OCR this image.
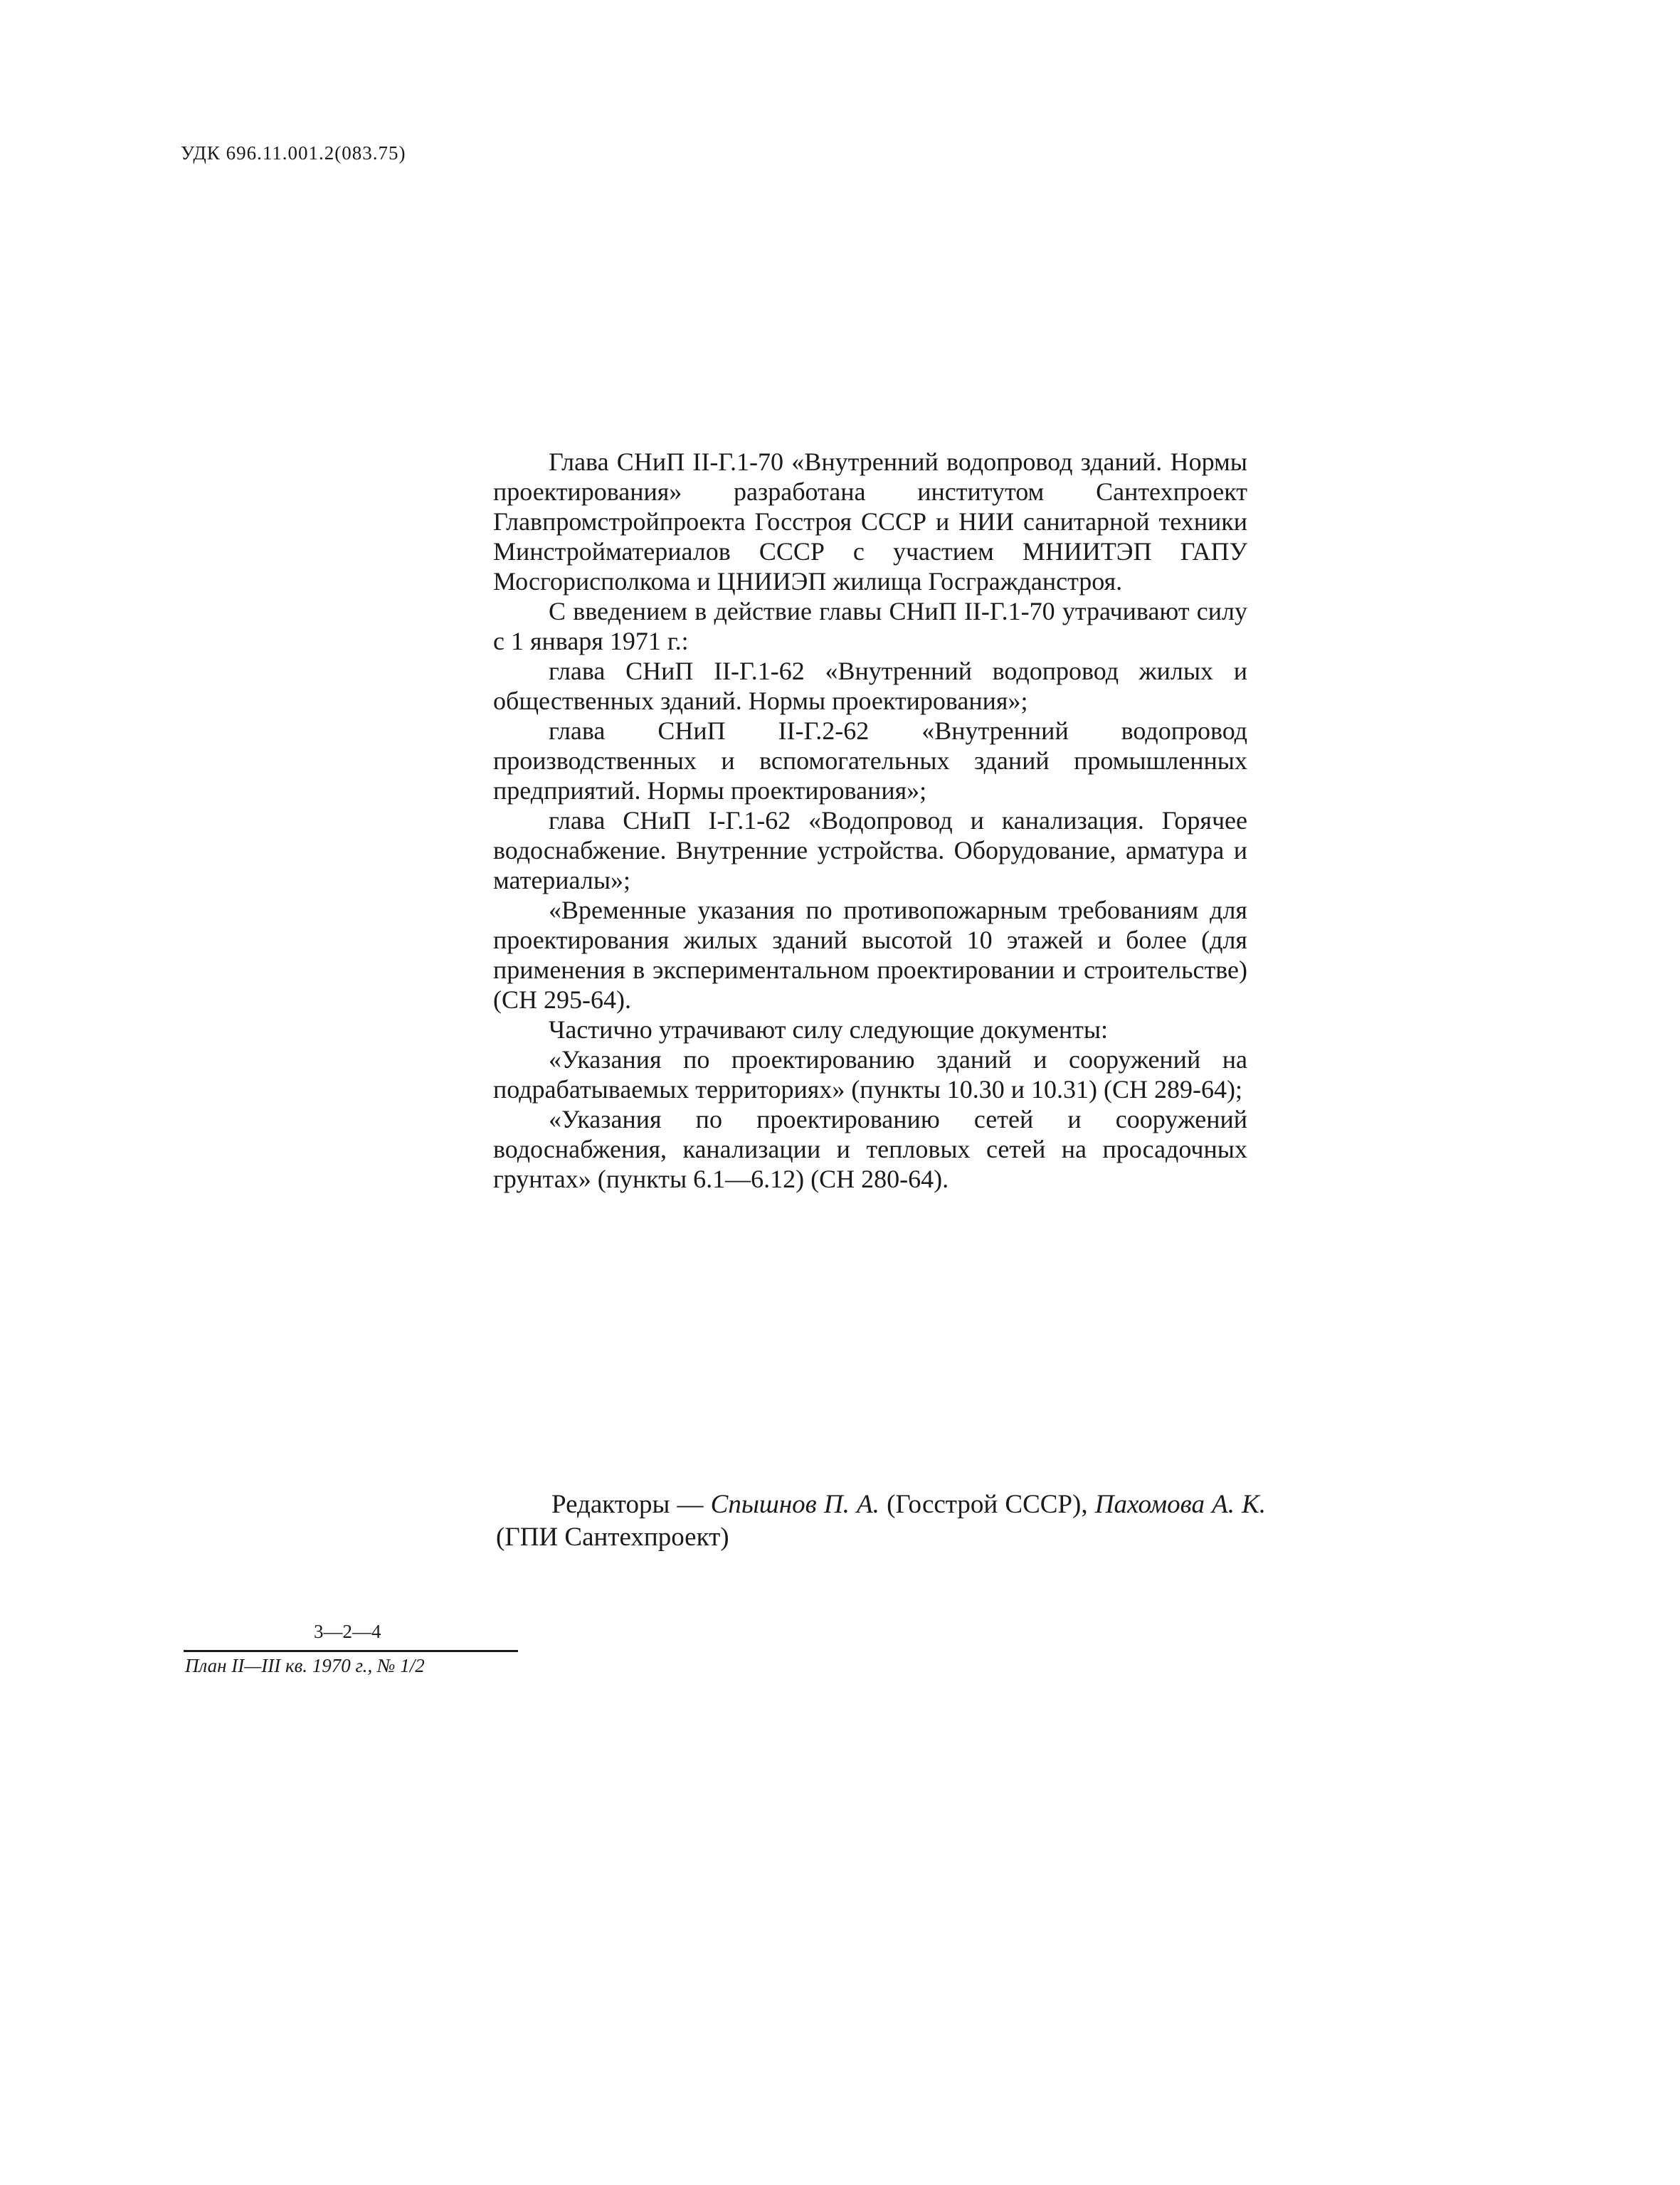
УДК 696.11.001.2(083.75)

Глава СНиП II-Г.1-70 «Внутренний водопровод зданий. Нормы проектирования» разработана институтом Сантехпроект Главпромстройпроекта Госстроя СССР и НИИ санитарной техники Минстройматериалов СССР с участием МНИИТЭП ГАПУ Мосгорисполкома и ЦНИИЭП жилища Госгражданстроя.

С введением в действие главы СНиП II-Г.1-70 утрачивают силу с 1 января 1971 г.:

глава СНиП II-Г.1-62 «Внутренний водопровод жилых и общественных зданий. Нормы проектирования»;

глава СНиП II-Г.2-62 «Внутренний водопровод производственных и вспомогательных зданий промышленных предприятий. Нормы проектирования»;

глава СНиП I-Г.1-62 «Водопровод и канализация. Горячее водоснабжение. Внутренние устройства. Оборудование, арматура и материалы»;

«Временные указания по противопожарным требованиям для проектирования жилых зданий высотой 10 этажей и более (для применения в экспериментальном проектировании и строительстве) (СН 295-64).

Частично утрачивают силу следующие документы:

«Указания по проектированию зданий и сооружений на подрабатываемых территориях» (пункты 10.30 и 10.31) (СН 289-64);

«Указания по проектированию сетей и сооружений водоснабжения, канализации и тепловых сетей на просадочных грунтах» (пункты 6.1—6.12) (СН 280-64).

Редакторы — Спышнов П. А. (Госстрой СССР), Пахомова А. К. (ГПИ Сантехпроект)

3—2—4
План II—III кв. 1970 г., № 1/2
